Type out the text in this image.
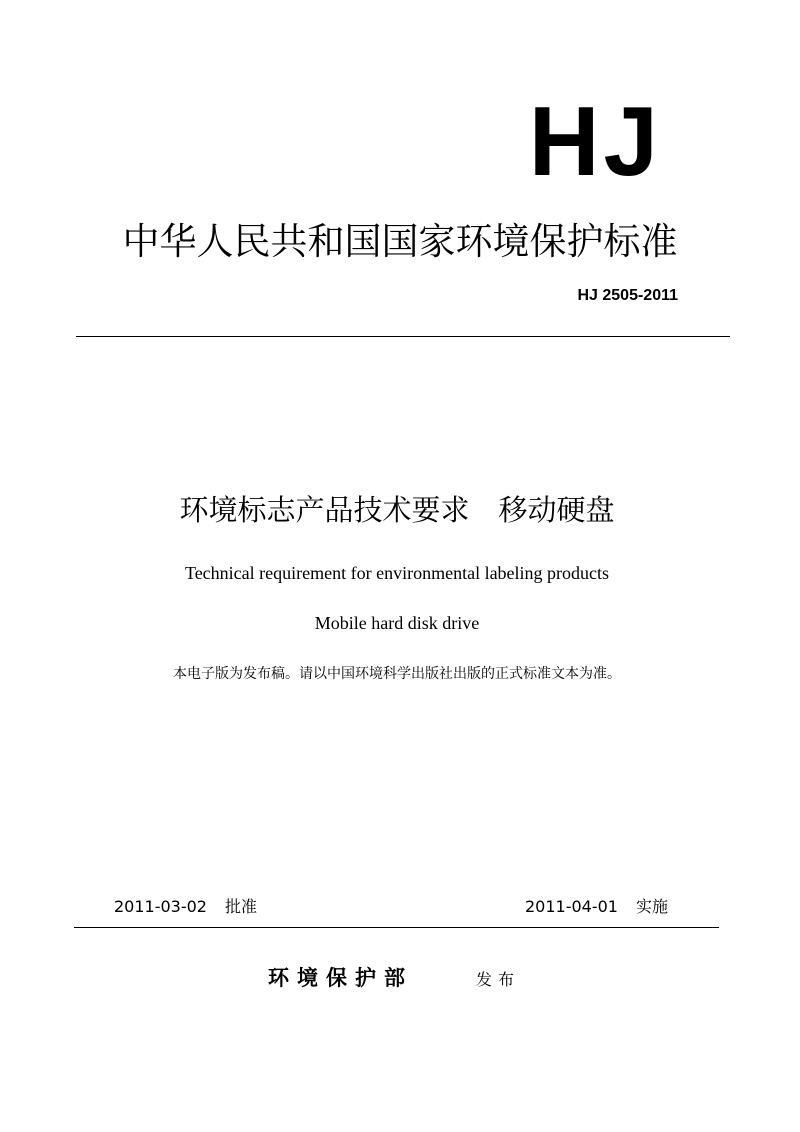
HJ
中华人民共和国国家环境保护标准
HJ 2505-2011
环境标志产品技术要求　移动硬盘
Technical requirement for environmental labeling products
Mobile hard disk drive
本电子版为发布稿。请以中国环境科学出版社出版的正式标准文本为准。
2011-03-02 批准	2011-04-01 实施
环境保护部	发布
